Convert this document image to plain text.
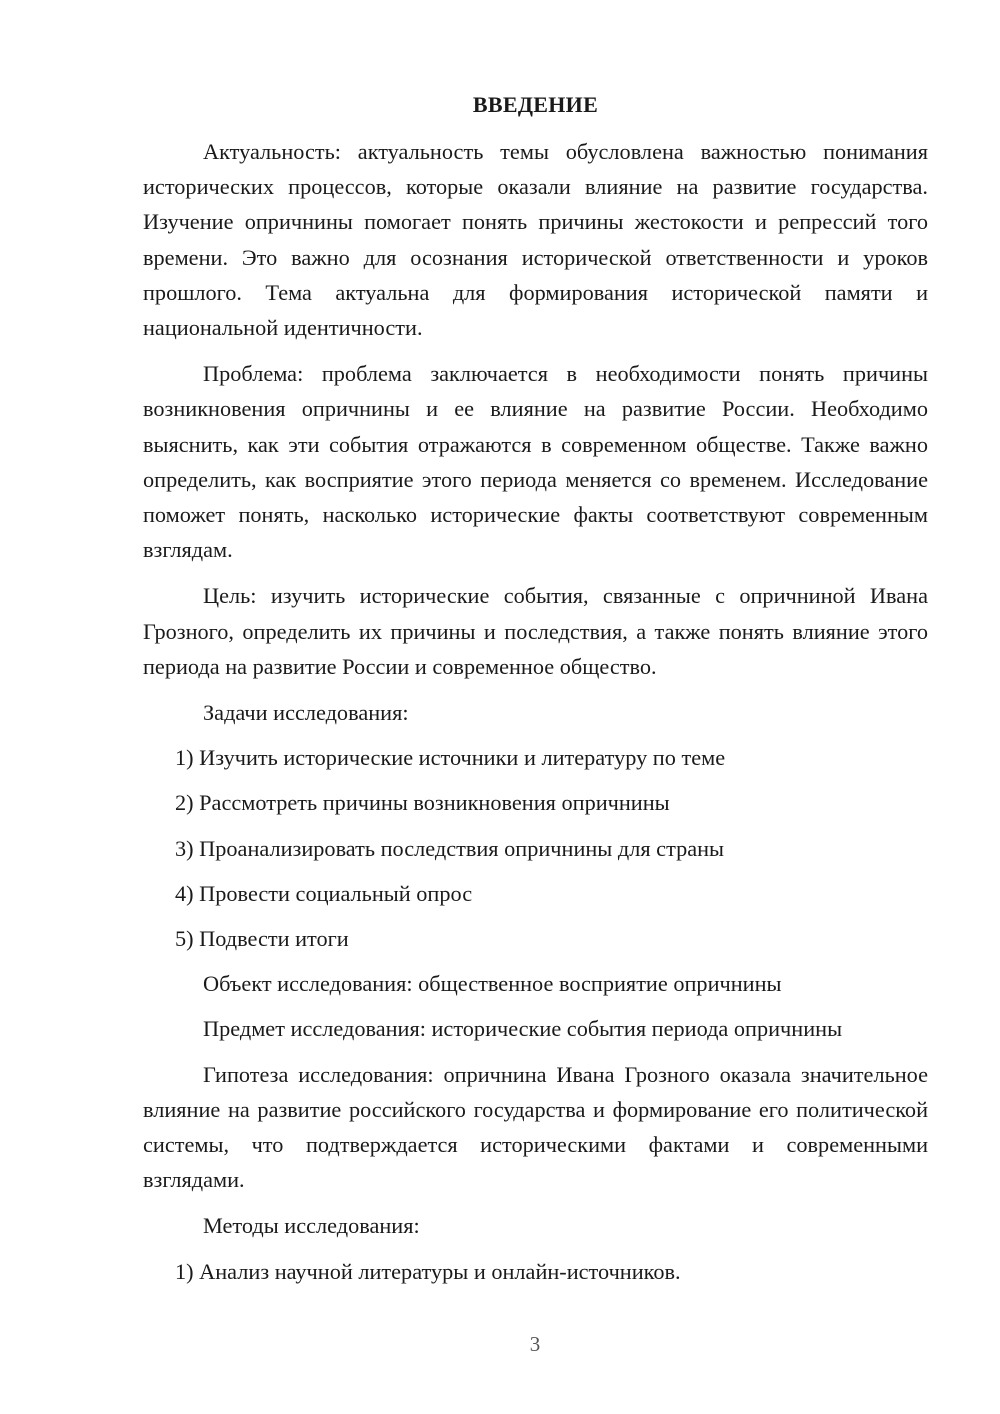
ВВЕДЕНИЕ

Актуальность: актуальность темы обусловлена важностью понимания исторических процессов, которые оказали влияние на развитие государства. Изучение опричнины помогает понять причины жестокости и репрессий того времени. Это важно для осознания исторической ответственности и уроков прошлого. Тема актуальна для формирования исторической памяти и национальной идентичности.

Проблема: проблема заключается в необходимости понять причины возникновения опричнины и ее влияние на развитие России. Необходимо выяснить, как эти события отражаются в современном обществе. Также важно определить, как восприятие этого периода меняется со временем. Исследование поможет понять, насколько исторические факты соответствуют современным взглядам.

Цель: изучить исторические события, связанные с опричниной Ивана Грозного, определить их причины и последствия, а также понять влияние этого периода на развитие России и современное общество.

Задачи исследования:
1) Изучить исторические источники и литературу по теме
2) Рассмотреть причины возникновения опричнины
3) Проанализировать последствия опричнины для страны
4) Провести социальный опрос
5) Подвести итоги
Объект исследования: общественное восприятие опричнины
Предмет исследования: исторические события периода опричнины

Гипотеза исследования: опричнина Ивана Грозного оказала значительное влияние на развитие российского государства и формирование его политической системы, что подтверждается историческими фактами и современными взглядами.

Методы исследования:
1) Анализ научной литературы и онлайн-источников.
3
